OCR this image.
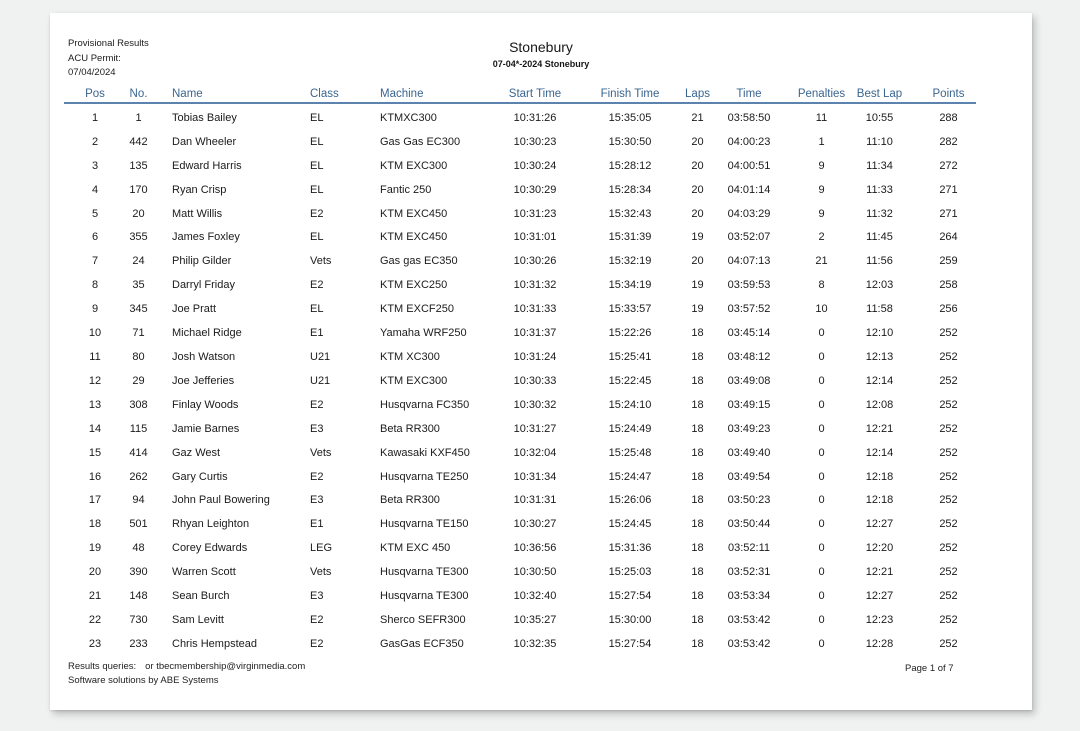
Provisional Results
ACU Permit:
07/04/2024
Stonebury
07-04*-2024 Stonebury
Pos	No.	Name	Class	Machine	Start Time	Finish Time	Laps	Time	Penalties	Best Lap	Points
1	1	Tobias Bailey	EL	KTMXC300	10:31:26	15:35:05	21	03:58:50	11	10:55	288
2	442	Dan Wheeler	EL	Gas Gas EC300	10:30:23	15:30:50	20	04:00:23	1	11:10	282
3	135	Edward Harris	EL	KTM EXC300	10:30:24	15:28:12	20	04:00:51	9	11:34	272
4	170	Ryan Crisp	EL	Fantic 250	10:30:29	15:28:34	20	04:01:14	9	11:33	271
5	20	Matt Willis	E2	KTM EXC450	10:31:23	15:32:43	20	04:03:29	9	11:32	271
6	355	James Foxley	EL	KTM EXC450	10:31:01	15:31:39	19	03:52:07	2	11:45	264
7	24	Philip Gilder	Vets	Gas gas EC350	10:30:26	15:32:19	20	04:07:13	21	11:56	259
8	35	Darryl Friday	E2	KTM EXC250	10:31:32	15:34:19	19	03:59:53	8	12:03	258
9	345	Joe Pratt	EL	KTM EXCF250	10:31:33	15:33:57	19	03:57:52	10	11:58	256
10	71	Michael Ridge	E1	Yamaha WRF250	10:31:37	15:22:26	18	03:45:14	0	12:10	252
11	80	Josh Watson	U21	KTM XC300	10:31:24	15:25:41	18	03:48:12	0	12:13	252
12	29	Joe Jefferies	U21	KTM EXC300	10:30:33	15:22:45	18	03:49:08	0	12:14	252
13	308	Finlay Woods	E2	Husqvarna FC350	10:30:32	15:24:10	18	03:49:15	0	12:08	252
14	115	Jamie Barnes	E3	Beta RR300	10:31:27	15:24:49	18	03:49:23	0	12:21	252
15	414	Gaz West	Vets	Kawasaki KXF450	10:32:04	15:25:48	18	03:49:40	0	12:14	252
16	262	Gary Curtis	E2	Husqvarna TE250	10:31:34	15:24:47	18	03:49:54	0	12:18	252
17	94	John Paul Bowering	E3	Beta RR300	10:31:31	15:26:06	18	03:50:23	0	12:18	252
18	501	Rhyan Leighton	E1	Husqvarna TE150	10:30:27	15:24:45	18	03:50:44	0	12:27	252
19	48	Corey Edwards	LEG	KTM EXC 450	10:36:56	15:31:36	18	03:52:11	0	12:20	252
20	390	Warren Scott	Vets	Husqvarna TE300	10:30:50	15:25:03	18	03:52:31	0	12:21	252
21	148	Sean Burch	E3	Husqvarna TE300	10:32:40	15:27:54	18	03:53:34	0	12:27	252
22	730	Sam Levitt	E2	Sherco SEFR300	10:35:27	15:30:00	18	03:53:42	0	12:23	252
23	233	Chris Hempstead	E2	GasGas ECF350	10:32:35	15:27:54	18	03:53:42	0	12:28	252
Results queries: or tbecmembership@virginmedia.com
Software solutions by ABE Systems
Page 1 of 7
